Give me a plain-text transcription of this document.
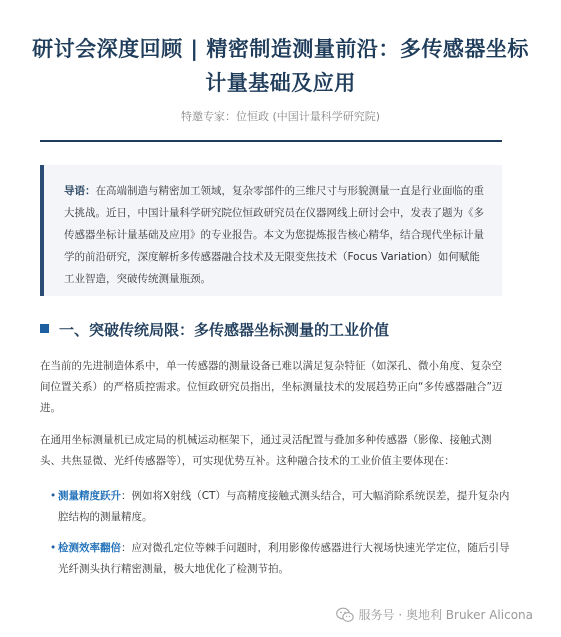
研讨会深度回顾 | 精密制造测量前沿：多传感器坐标计量基础及应用
特邀专家：位恒政 (中国计量科学研究院)
导语：在高端制造与精密加工领域，复杂零部件的三维尺寸与形貌测量一直是行业面临的重大挑战。近日，中国计量科学研究院位恒政研究员在仪器网线上研讨会中，发表了题为《多传感器坐标计量基础及应用》的专业报告。本文为您提炼报告核心精华，结合现代坐标计量学的前沿研究，深度解析多传感器融合技术及无限变焦技术（Focus Variation）如何赋能工业智造，突破传统测量瓶颈。
一、突破传统局限：多传感器坐标测量的工业价值
在当前的先进制造体系中，单一传感器的测量设备已难以满足复杂特征（如深孔、微小角度、复杂空间位置关系）的严格质控需求。位恒政研究员指出，坐标测量技术的发展趋势正向“多传感器融合”迈进。
在通用坐标测量机已成定局的机械运动框架下，通过灵活配置与叠加多种传感器（影像、接触式测头、共焦显微、光纤传感器等），可实现优势互补。这种融合技术的工业价值主要体现在：
• 测量精度跃升：例如将X射线（CT）与高精度接触式测头结合，可大幅消除系统误差，提升复杂内腔结构的测量精度。
• 检测效率翻倍：应对微孔定位等棘手问题时，利用影像传感器进行大视场快速光学定位，随后引导光纤测头执行精密测量，极大地优化了检测节拍。
服务号 · 奥地利 Bruker Alicona
